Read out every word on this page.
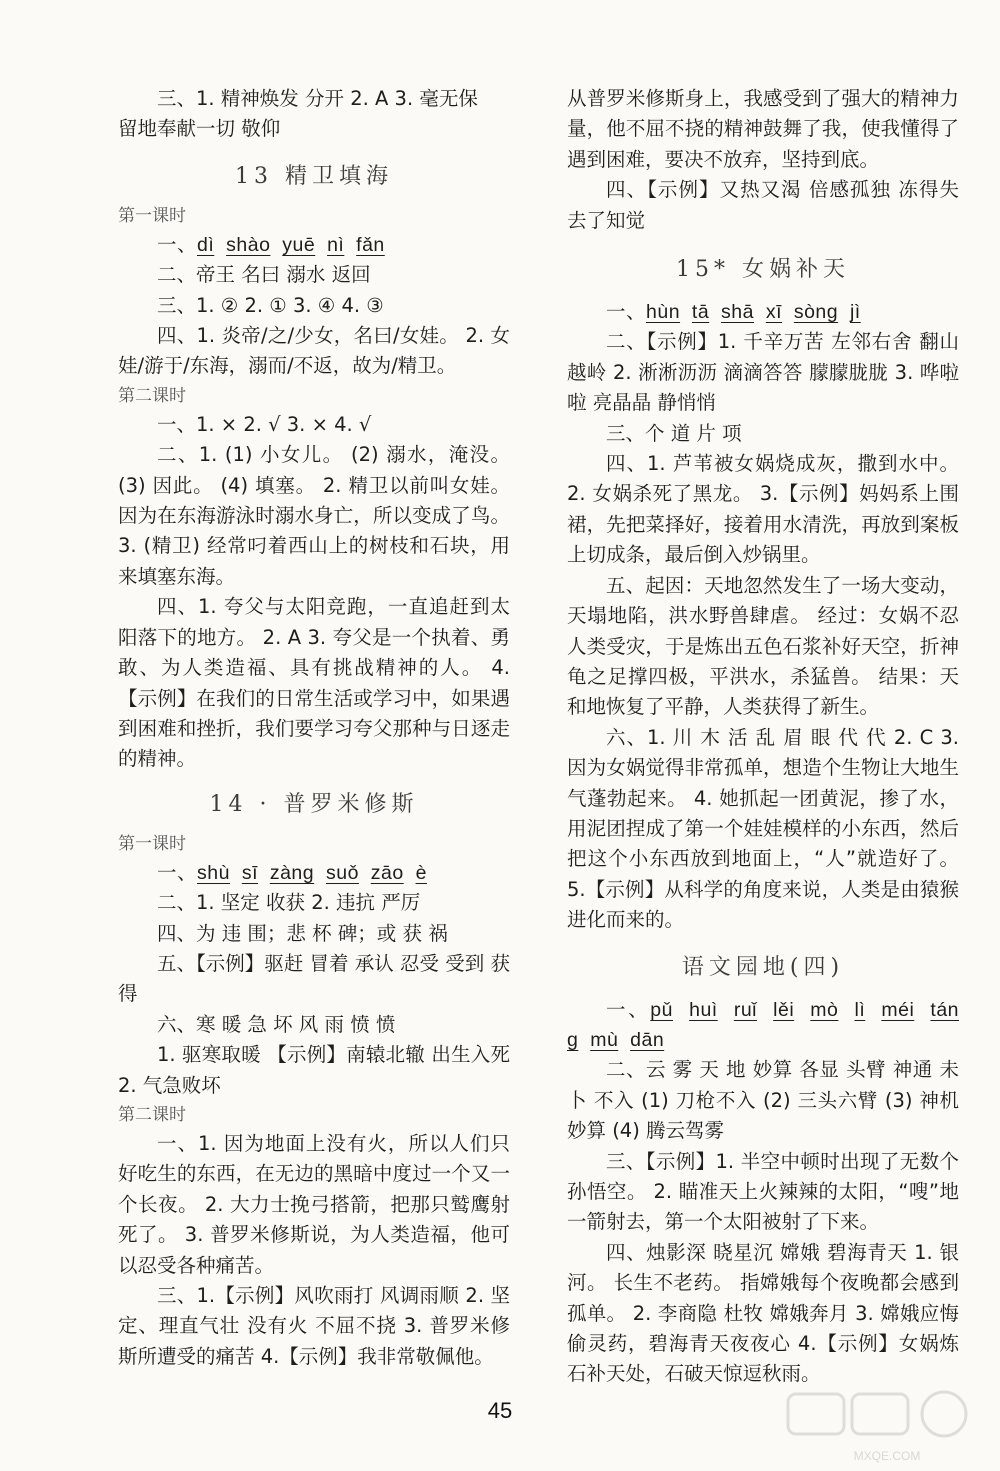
三、1. 精神焕发 分开 2. A 3. 毫无保

留地奉献一切 敬仰

13 精卫填海

第一课时

一、dì shào yuē nì fǎn

二、帝王 名曰 溺水 返回

三、1. ② 2. ① 3. ④ 4. ③

四、1. 炎帝/之/少女，名曰/女娃。 2. 女娃/游于/东海，溺而/不返，故为/精卫。

第二课时

一、1. × 2. √ 3. × 4. √

二、1. (1) 小女儿。 (2) 溺水，淹没。(3) 因此。 (4) 填塞。 2. 精卫以前叫女娃。因为在东海游泳时溺水身亡，所以变成了鸟。 3. (精卫) 经常叼着西山上的树枝和石块，用来填塞东海。

四、1. 夸父与太阳竞跑，一直追赶到太阳落下的地方。 2. A 3. 夸父是一个执着、勇敢、为人类造福、具有挑战精神的人。 4.【示例】在我们的日常生活或学习中，如果遇到困难和挫折，我们要学习夸父那种与日逐走的精神。

14 · 普罗米修斯

第一课时

一、shù sī zàng suǒ zāo è

二、1. 坚定 收获 2. 违抗 严厉

四、为 违 围；悲 杯 碑；或 获 祸

五、【示例】驱赶 冒着 承认 忍受 受到 获得

六、寒 暖 急 坏 风 雨 愤 愤

1. 驱寒取暖 【示例】南辕北辙 出生入死 2. 气急败坏

第二课时

一、1. 因为地面上没有火，所以人们只好吃生的东西，在无边的黑暗中度过一个又一个长夜。 2. 大力士挽弓搭箭，把那只鹫鹰射死了。 3. 普罗米修斯说，为人类造福，他可以忍受各种痛苦。

三、1.【示例】风吹雨打 风调雨顺 2. 坚定、理直气壮 没有火 不屈不挠 3. 普罗米修斯所遭受的痛苦 4.【示例】我非常敬佩他。

从普罗米修斯身上，我感受到了强大的精神力量，他不屈不挠的精神鼓舞了我，使我懂得了遇到困难，要决不放弃，坚持到底。

四、【示例】又热又渴 倍感孤独 冻得失去了知觉

15* 女娲补天

一、hùn tā shā xī sòng jì

二、【示例】1. 千辛万苦 左邻右舍 翻山越岭 2. 淅淅沥沥 滴滴答答 朦朦胧胧 3. 哗啦啦 亮晶晶 静悄悄

三、个 道 片 项

四、1. 芦苇被女娲烧成灰，撒到水中。2. 女娲杀死了黑龙。 3.【示例】妈妈系上围裙，先把菜择好，接着用水清洗，再放到案板上切成条，最后倒入炒锅里。

五、起因：天地忽然发生了一场大变动，天塌地陷，洪水野兽肆虐。 经过：女娲不忍人类受灾，于是炼出五色石浆补好天空，折神龟之足撑四极，平洪水，杀猛兽。 结果：天和地恢复了平静，人类获得了新生。

六、1. 川 木 活 乱 眉 眼 代 代 2. C 3. 因为女娲觉得非常孤单，想造个生物让大地生气蓬勃起来。 4. 她抓起一团黄泥，掺了水，用泥团捏成了第一个娃娃模样的小东西，然后把这个小东西放到地面上，“人”就造好了。 5.【示例】从科学的角度来说，人类是由猿猴进化而来的。

语文园地(四)

一、pǔ huì ruǐ lěi mò lì méi táng mù dān

二、云 雾 天 地 妙算 各显 头臂 神通 未卜 不入 (1) 刀枪不入 (2) 三头六臂 (3) 神机妙算 (4) 腾云驾雾

三、【示例】1. 半空中顿时出现了无数个孙悟空。 2. 瞄准天上火辣辣的太阳，“嗖”地一箭射去，第一个太阳被射了下来。

四、烛影深 晓星沉 嫦娥 碧海青天 1. 银河。 长生不老药。 指嫦娥每个夜晚都会感到孤单。 2. 李商隐 杜牧 嫦娥奔月 3. 嫦娥应悔偷灵药，碧海青天夜夜心 4.【示例】女娲炼石补天处，石破天惊逗秋雨。

45
MXQE.COM
